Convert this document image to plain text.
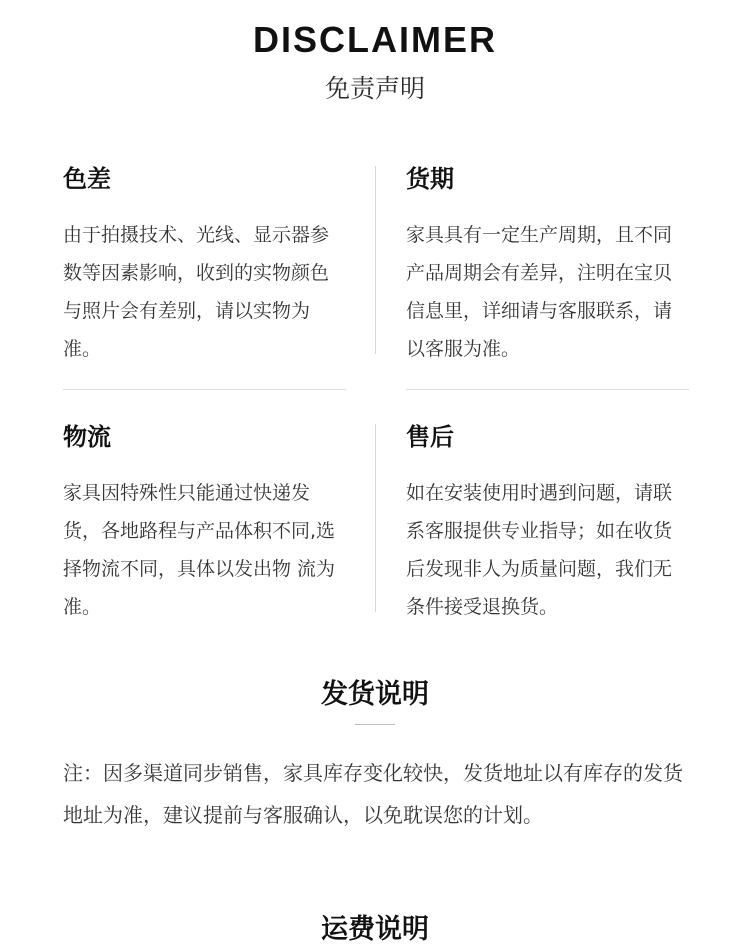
DISCLAIMER
免责声明
色差

由于拍摄技术、光线、显示器参数等因素影响，收到的实物颜色与照片会有差别，请以实物为准。

货期

家具具有一定生产周期，且不同产品周期会有差异，注明在宝贝信息里，详细请与客服联系，请以客服为准。

物流

家具因特殊性只能通过快递发货，各地路程与产品体积不同,选择物流不同，具体以发出物 流为准。

售后

如在安装使用时遇到问题，请联系客服提供专业指导；如在收货后发现非人为质量问题，我们无条件接受退换货。

发货说明

注：因多渠道同步销售，家具库存变化较快，发货地址以有库存的发货地址为准，建议提前与客服确认，以免耽误您的计划。

运费说明
